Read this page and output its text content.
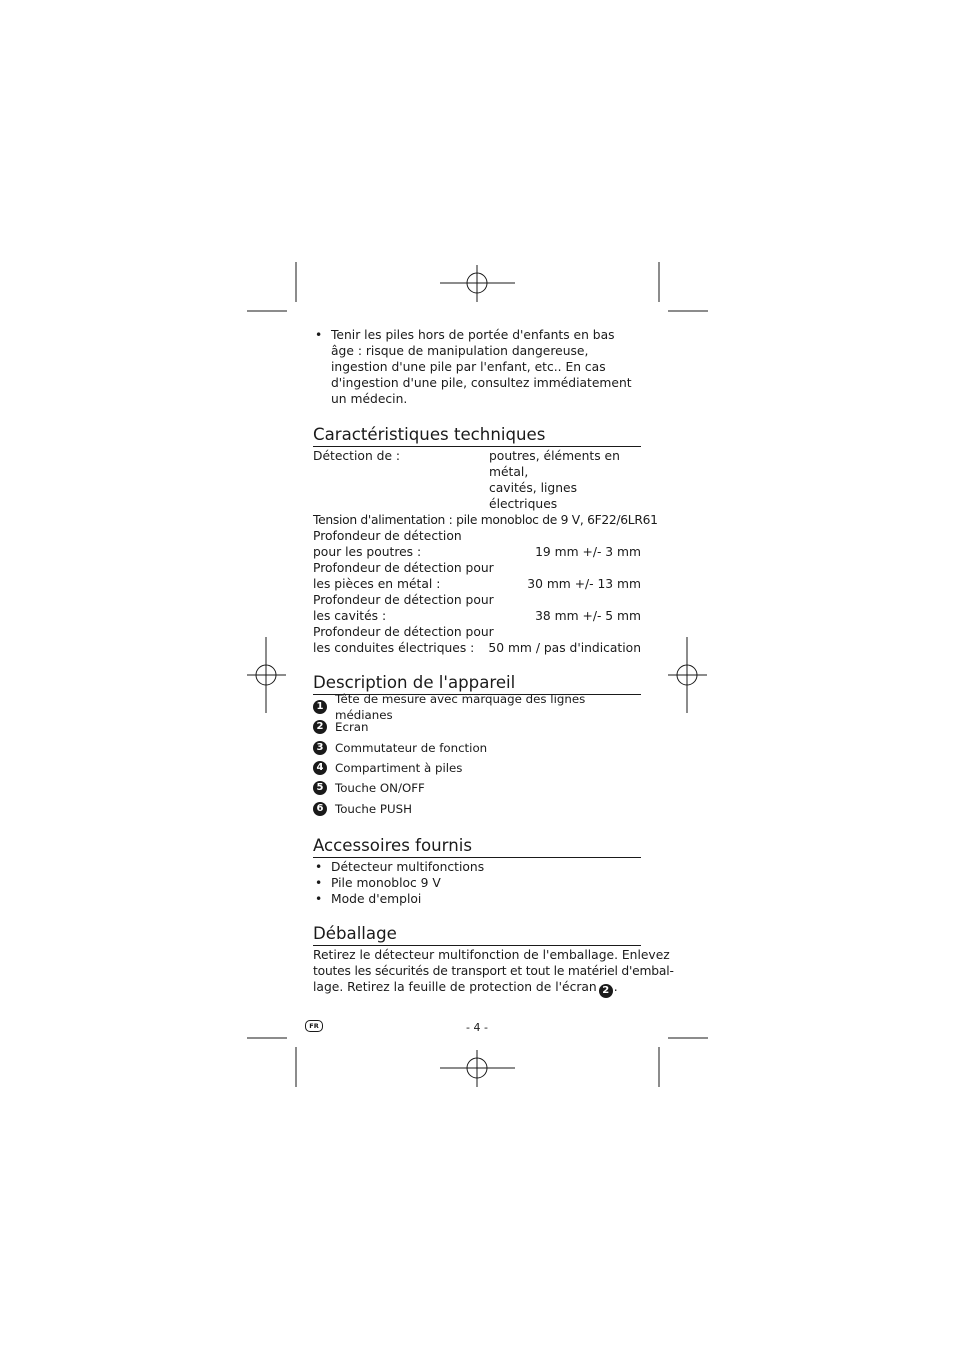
• Tenir les piles hors de portée d'enfants en bas âge : risque de manipulation dangereuse, ingestion d'une pile par l'enfant, etc.. En cas d'ingestion d'une pile, consultez immédiatement un médecin.
Caractéristiques techniques
Détection de :	poutres, éléments en métal,
cavités, lignes électriques
Tension d'alimentation : pile monobloc de 9 V, 6F22/6LR61
Profondeur de détection
pour les poutres :	19 mm +/- 3 mm
Profondeur de détection pour
les pièces en métal :	30 mm +/- 13 mm
Profondeur de détection pour
les cavités :	38 mm +/- 5 mm
Profondeur de détection pour
les conduites électriques : 50 mm / pas d'indication
Description de l'appareil
1
Tête de mesure avec marquage des lignes médianes
2 Ecran
3 Commutateur de fonction
4 Compartiment à piles
5 Touche ON/OFF
6 Touche PUSH
Accessoires fournis
• Détecteur multifonctions
• Pile monobloc 9 V
• Mode d'emploi
Déballage

Retirez le détecteur multifonction de l'emballage. Enlevez
toutes les sécurités de transport et tout le matériel d'embal-
lage. Retirez la feuille de protection de l'écran 2 .

FR	- 4 -
